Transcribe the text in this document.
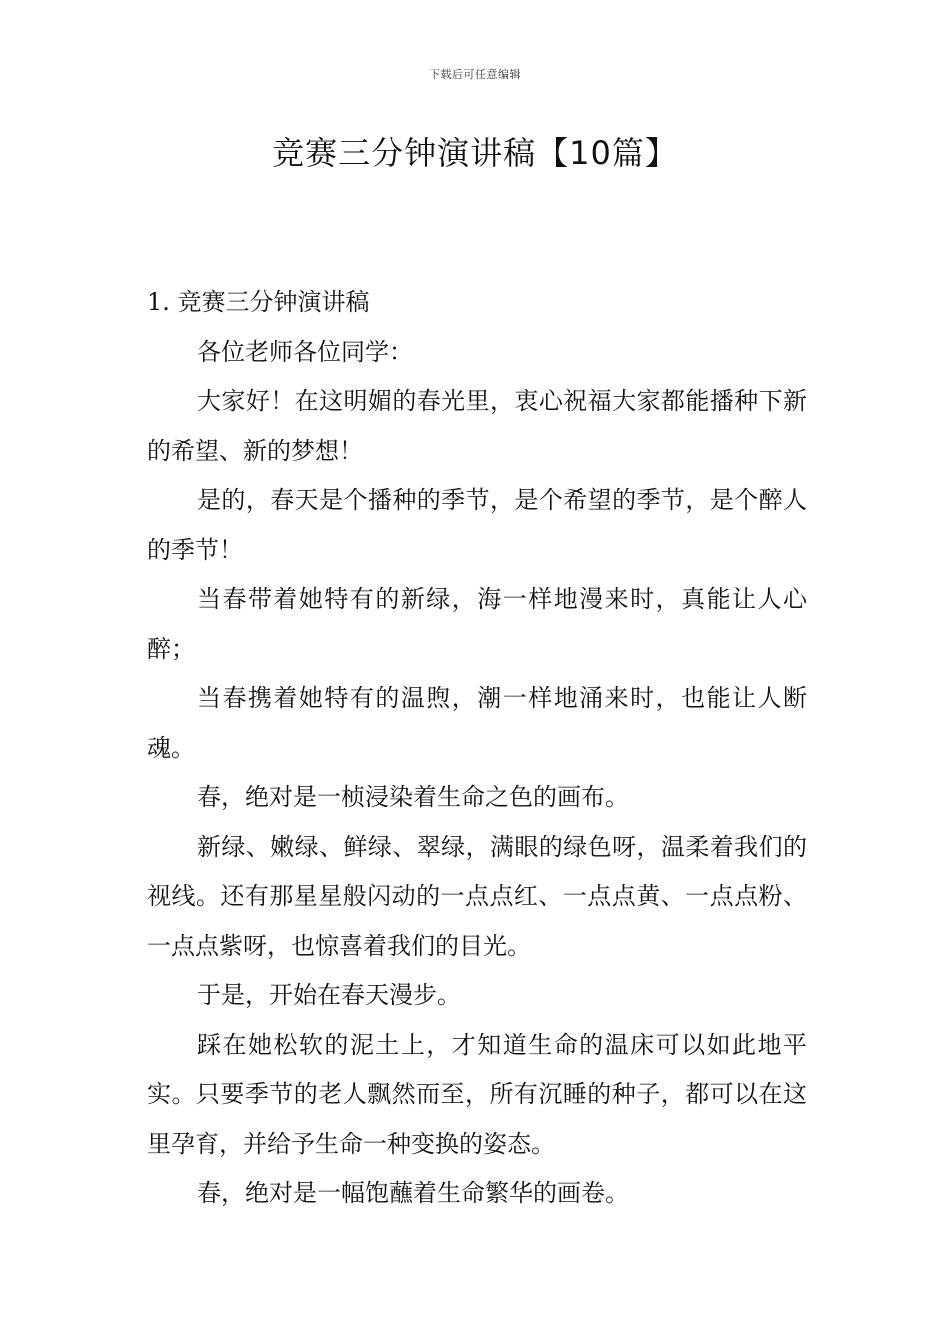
下载后可任意编辑
竞赛三分钟演讲稿【10篇】

1. 竞赛三分钟演讲稿

各位老师各位同学：

大家好！在这明媚的春光里，衷心祝福大家都能播种下新的希望、新的梦想！

是的，春天是个播种的季节，是个希望的季节，是个醉人的季节！

当春带着她特有的新绿，海一样地漫来时，真能让人心醉；

当春携着她特有的温煦，潮一样地涌来时，也能让人断魂。

春，绝对是一桢浸染着生命之色的画布。

新绿、嫩绿、鲜绿、翠绿，满眼的绿色呀，温柔着我们的视线。还有那星星般闪动的一点点红、一点点黄、一点点粉、一点点紫呀，也惊喜着我们的目光。

于是，开始在春天漫步。

踩在她松软的泥土上，才知道生命的温床可以如此地平实。只要季节的老人飘然而至，所有沉睡的种子，都可以在这里孕育，并给予生命一种变换的姿态。

春，绝对是一幅饱蘸着生命繁华的画卷。
